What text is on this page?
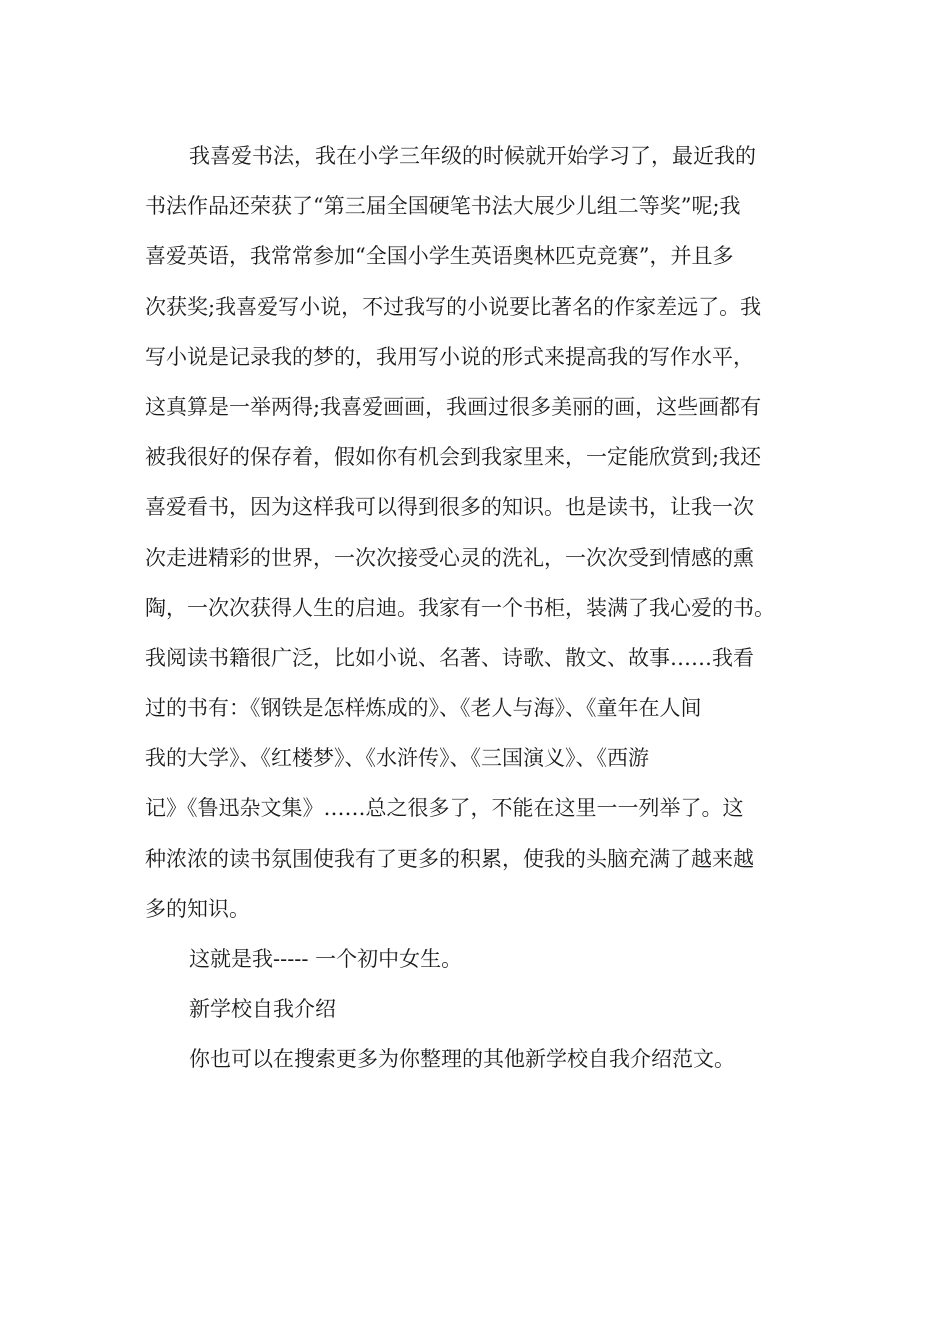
我喜爱书法，我在小学三年级的时候就开始学习了，最近我的
书法作品还荣获了“第三届全国硬笔书法大展少儿组二等奖”呢;我
喜爱英语，我常常参加“全国小学生英语奥林匹克竞赛”，并且多
次获奖;我喜爱写小说，不过我写的小说要比著名的作家差远了。我
写小说是记录我的梦的，我用写小说的形式来提高我的写作水平，
这真算是一举两得;我喜爱画画，我画过很多美丽的画，这些画都有
被我很好的保存着，假如你有机会到我家里来，一定能欣赏到;我还
喜爱看书，因为这样我可以得到很多的知识。也是读书，让我一次
次走进精彩的世界，一次次接受心灵的洗礼，一次次受到情感的熏
陶，一次次获得人生的启迪。我家有一个书柜，装满了我心爱的书。
我阅读书籍很广泛，比如小说、名著、诗歌、散文、故事……我看
过的书有：《钢铁是怎样炼成的》、《老人与海》、《童年在人间
我的大学》、《红楼梦》、《水浒传》、《三国演义》、《西游
记》《鲁迅杂文集》……总之很多了，不能在这里一一列举了。这
种浓浓的读书氛围使我有了更多的积累，使我的头脑充满了越来越
多的知识。
这就是我----- 一个初中女生。
新学校自我介绍
你也可以在搜索更多为你整理的其他新学校自我介绍范文。
